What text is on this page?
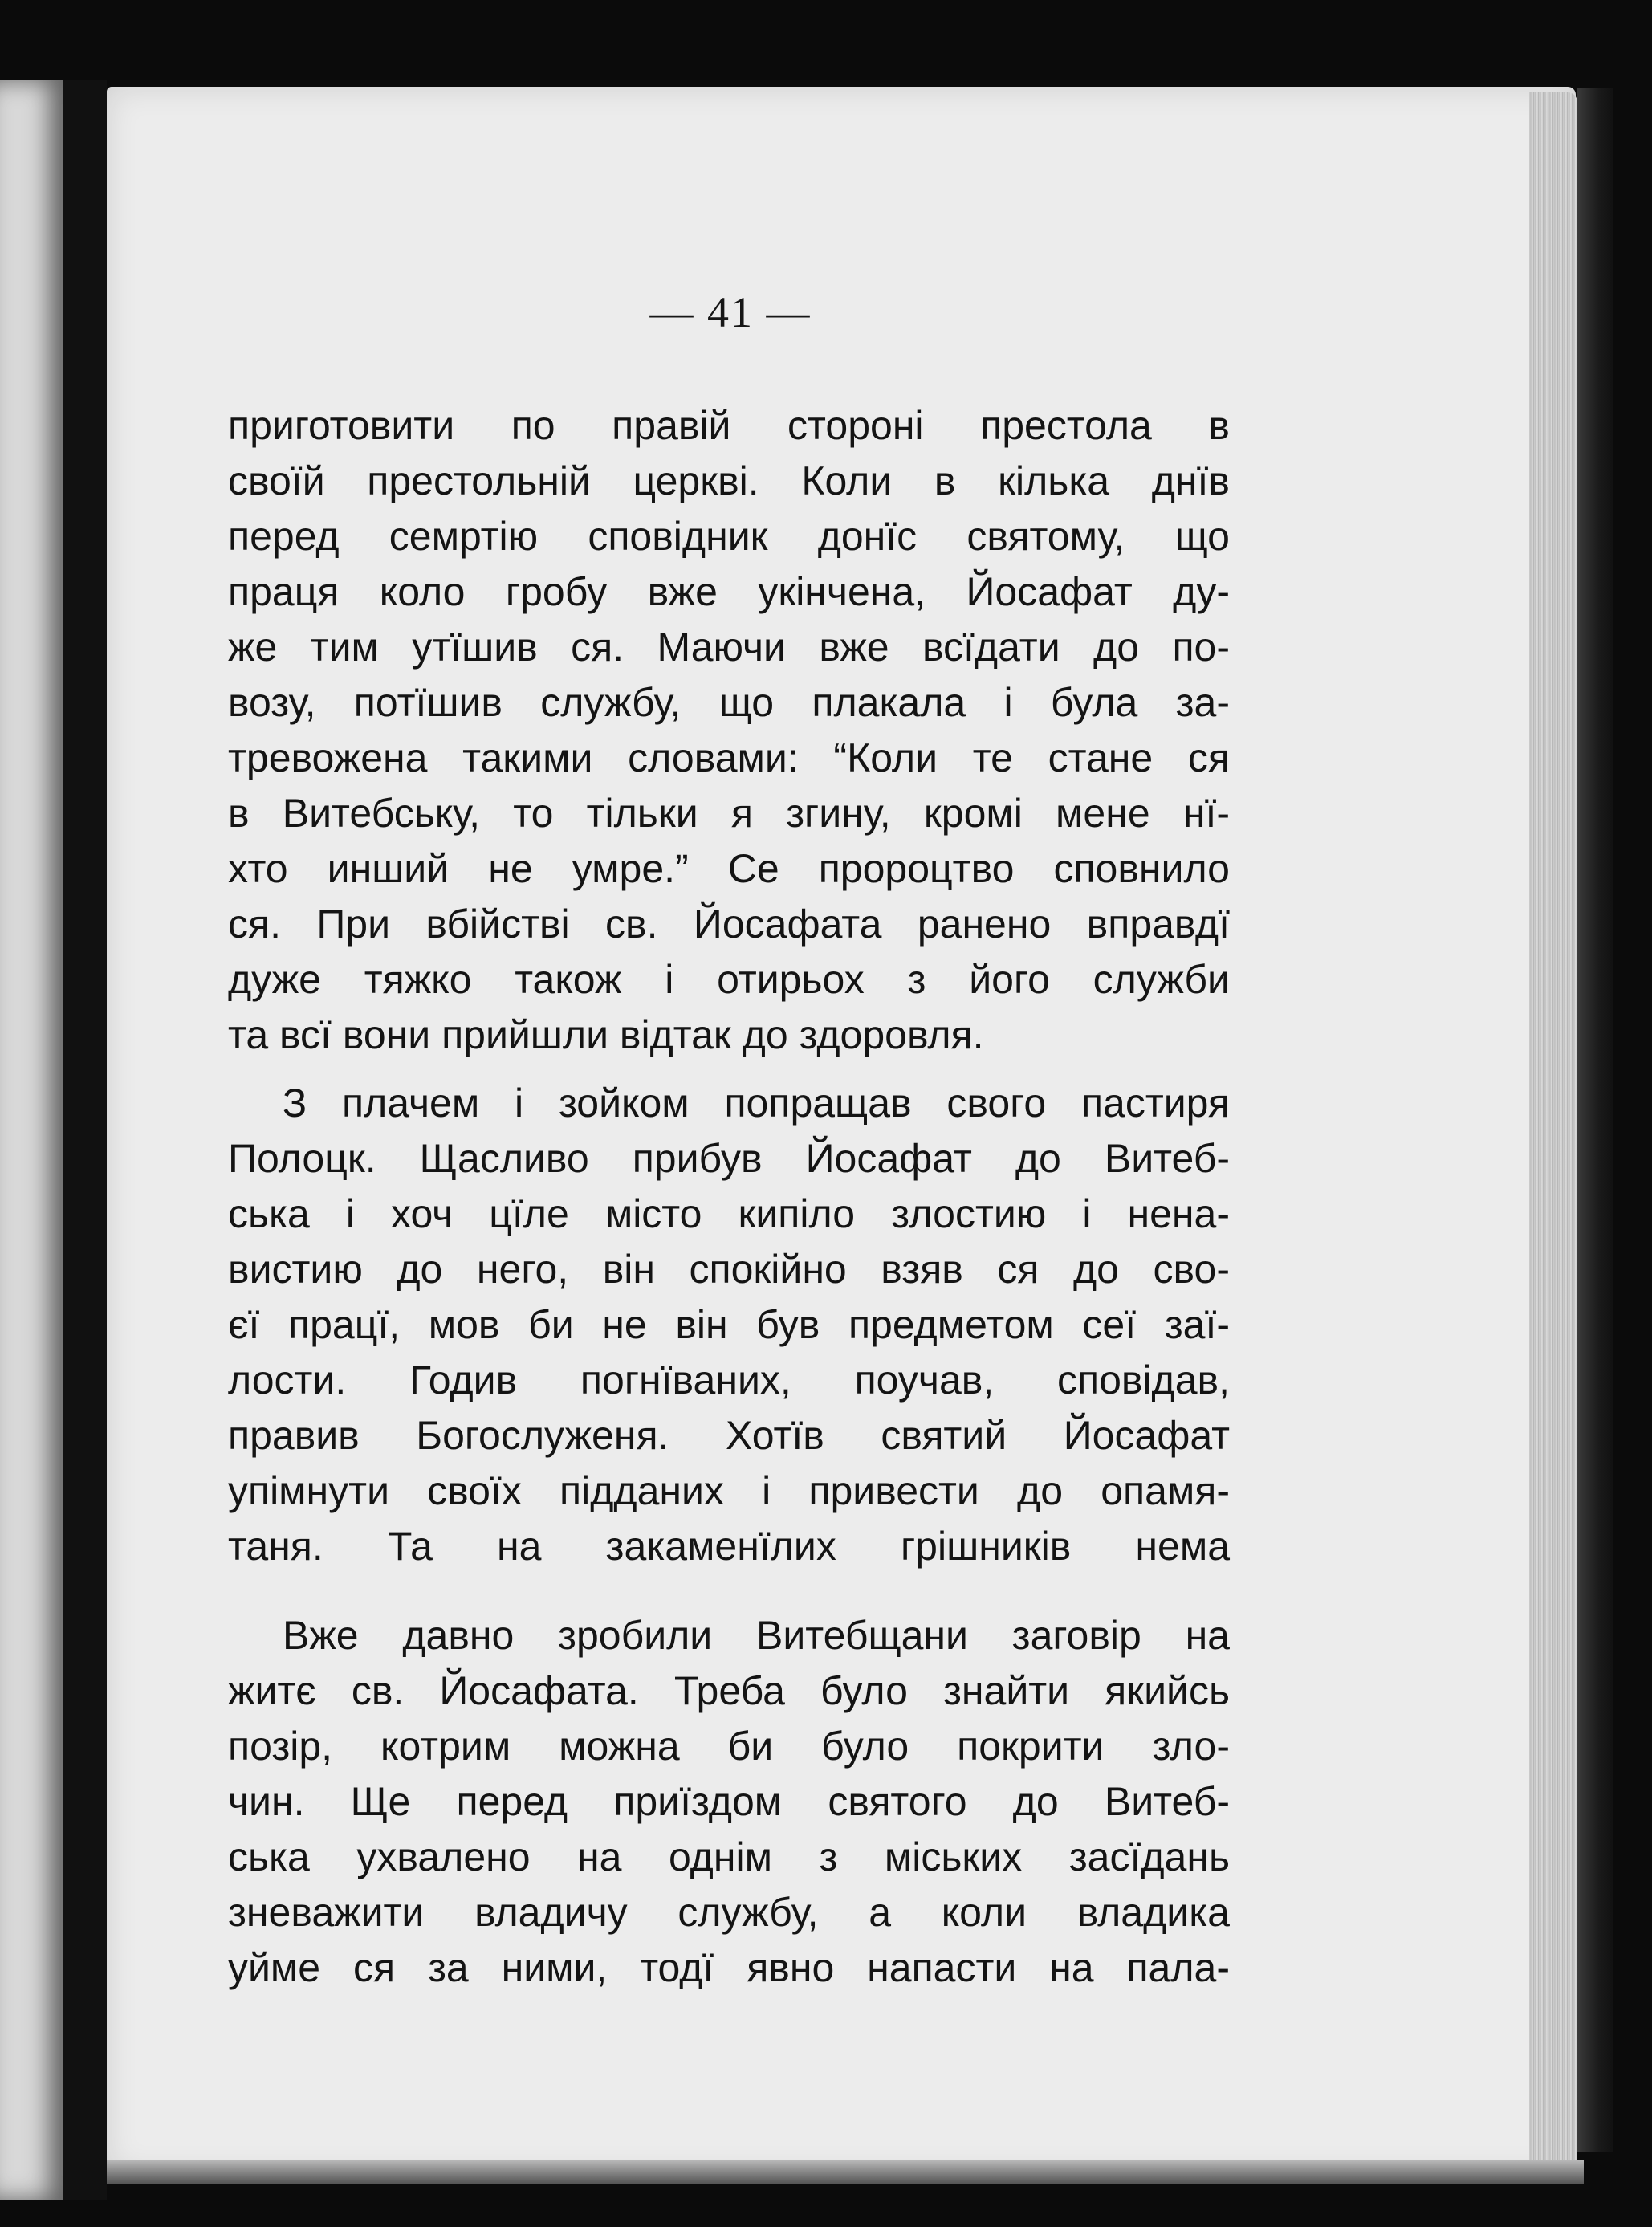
— 41 —
приготовити по правій стороні престола в
своїй престольній церкві. Коли в кілька днїв
перед семртію сповідник донїс святому, що
праця коло гробу вже укінчена, Йосафат ду-
же тим утїшив ся. Маючи вже всїдати до по-
возу, потїшив службу, що плакала і була за-
тревожена такими словами: “Коли те стане ся
в Витебську, то тільки я згину, кромі мене нї-
хто инший не умре.” Се пророцтво сповнило
ся. При вбійстві св. Йосафата ранено вправдї
дуже тяжко також і отирьох з його служби
та всї вони прийшли відтак до здоровля.
З плачем і зойком попращав свого пастиря
Полоцк. Щасливо прибув Йосафат до Витеб-
ська і хоч цїле місто кипіло злостию і нена-
вистию до него, він спокійно взяв ся до сво-
єї працї, мов би не він був предметом сеї заї-
лости. Годив погнїваних, поучав, сповідав,
правив Богослуженя. Хотїв святий Йосафат
упімнути своїх підданих і привести до опамя-
таня. Та на закаменїлих грішників нема
Вже давно зробили Витебщани заговір на
житє св. Йосафата. Треба було знайти якийсь
позір, котрим можна би було покрити зло-
чин. Ще перед приїздом святого до Витеб-
ська ухвалено на однім з міських засїдань
зневажити владичу службу, а коли владика
уйме ся за ними, тодї явно напасти на пала-
